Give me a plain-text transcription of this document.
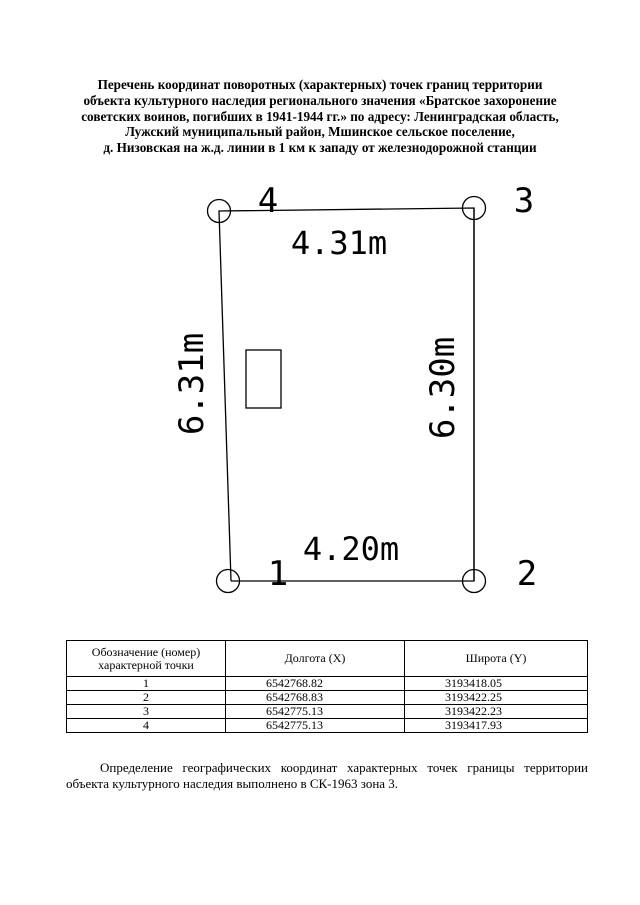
Перечень координат поворотных (характерных) точек границ территории
объекта культурного наследия регионального значения «Братское захоронение
советских воинов, погибших в 1941-1944 гг.» по адресу: Ленинградская область,
Лужский муниципальный район, Мшинское сельское поселение,
д. Низовская на ж.д. линии в 1 км к западу от железнодорожной станции
4	3
1	2
4.31m
4.20m
6.31m	6.30m
Обозначение (номер) характерной точки	Долгота (X)	Широта (Y)
1	6542768.82	3193418.05
2	6542768.83	3193422.25
3	6542775.13	3193422.23
4	6542775.13	3193417.93
Определение географических координат характерных точек границы территории объекта культурного наследия выполнено в СК-1963 зона 3.
